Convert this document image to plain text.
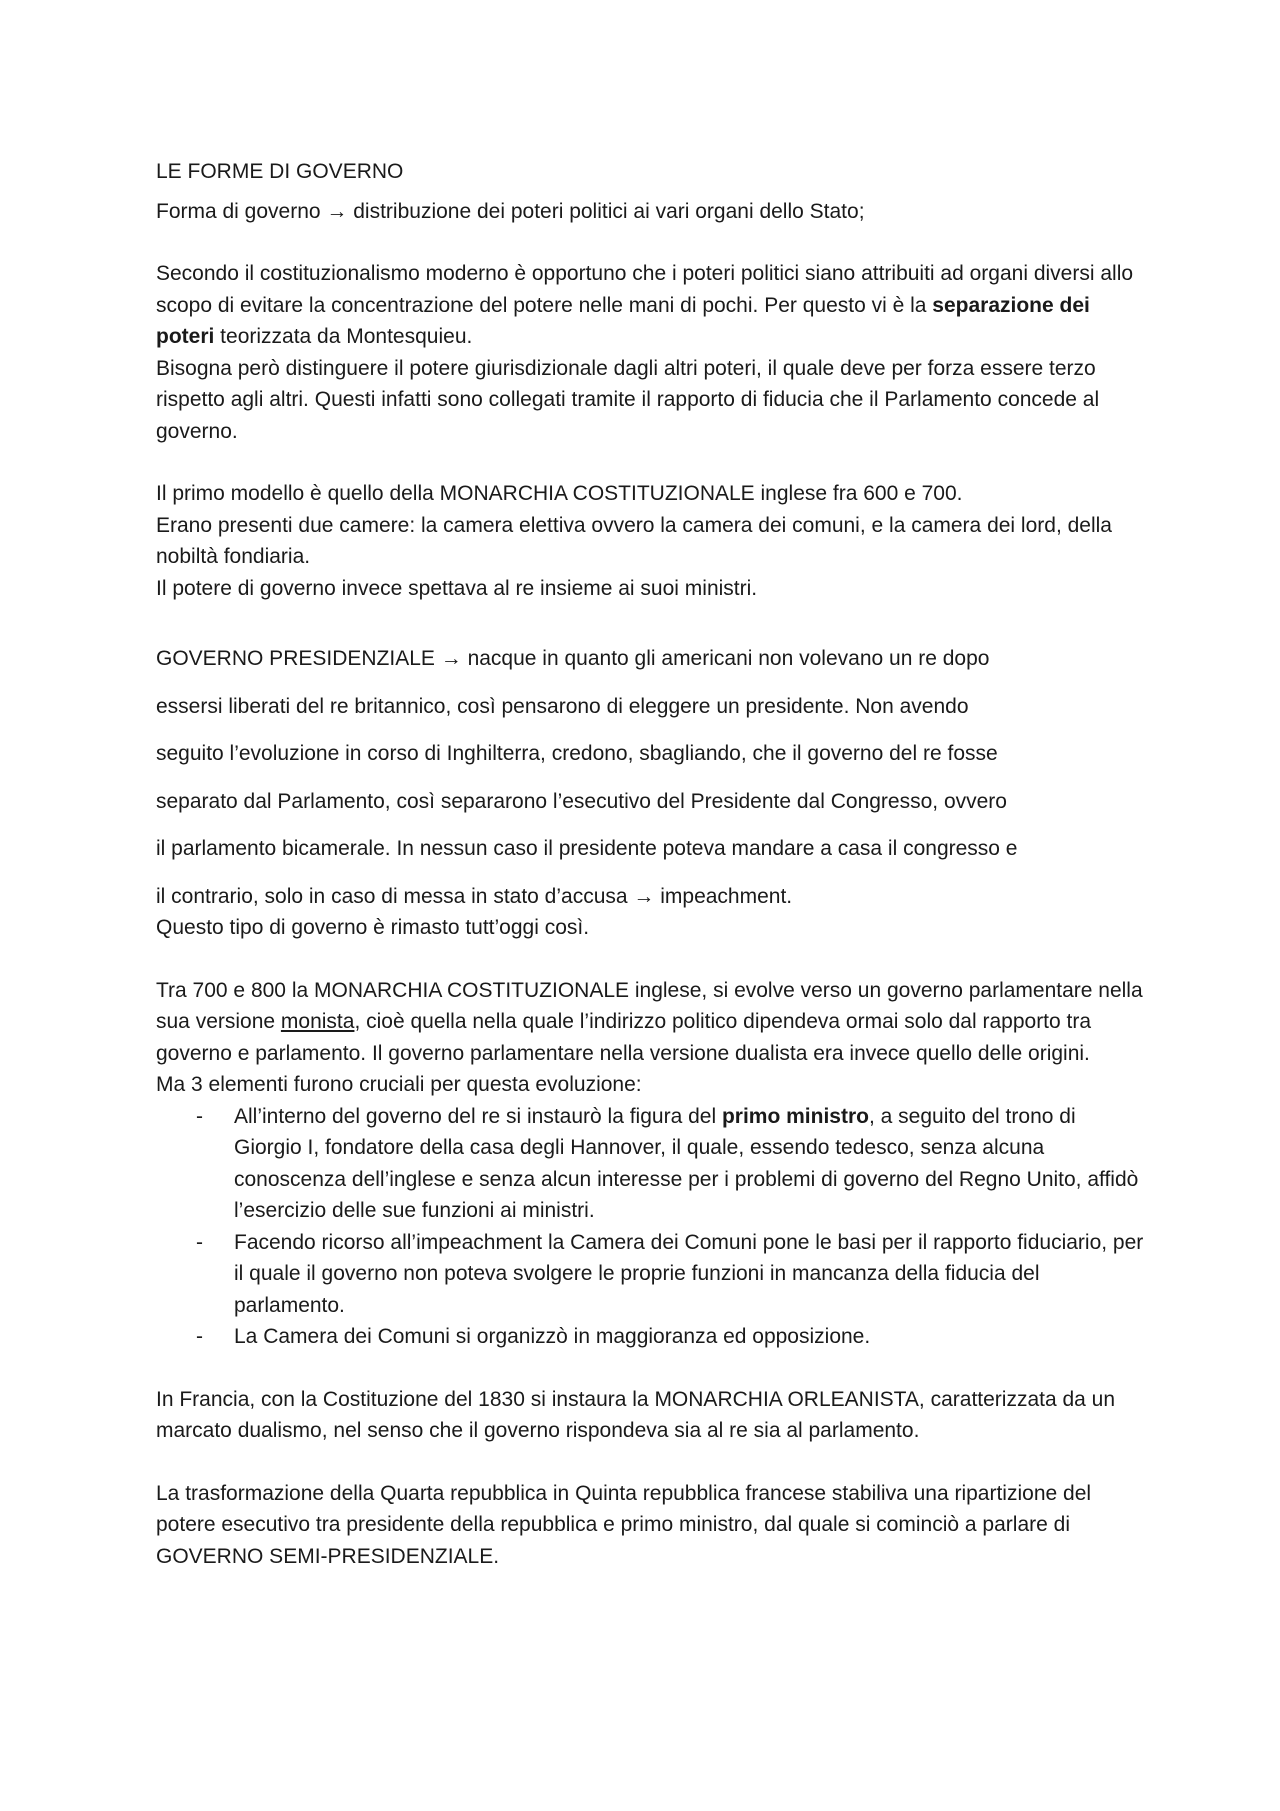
LE FORME DI GOVERNO

Forma di governo → distribuzione dei poteri politici ai vari organi dello Stato;

Secondo il costituzionalismo moderno è opportuno che i poteri politici siano attribuiti ad organi diversi allo scopo di evitare la concentrazione del potere nelle mani di pochi. Per questo vi è la separazione dei poteri teorizzata da Montesquieu.

Bisogna però distinguere il potere giurisdizionale dagli altri poteri, il quale deve per forza essere terzo rispetto agli altri. Questi infatti sono collegati tramite il rapporto di fiducia che il Parlamento concede al governo.

Il primo modello è quello della MONARCHIA COSTITUZIONALE inglese fra 600 e 700.

Erano presenti due camere: la camera elettiva ovvero la camera dei comuni, e la camera dei lord, della nobiltà fondiaria.

Il potere di governo invece spettava al re insieme ai suoi ministri.

GOVERNO PRESIDENZIALE → nacque in quanto gli americani non volevano un re dopo

essersi liberati del re britannico, così pensarono di eleggere un presidente. Non avendo

seguito l’evoluzione in corso di Inghilterra, credono, sbagliando, che il governo del re fosse

separato dal Parlamento, così separarono l’esecutivo del Presidente dal Congresso, ovvero

il parlamento bicamerale. In nessun caso il presidente poteva mandare a casa il congresso e

il contrario, solo in caso di messa in stato d’accusa → impeachment.

Questo tipo di governo è rimasto tutt’oggi così.

Tra 700 e 800 la MONARCHIA COSTITUZIONALE inglese, si evolve verso un governo parlamentare nella sua versione monista, cioè quella nella quale l’indirizzo politico dipendeva ormai solo dal rapporto tra governo e parlamento. Il governo parlamentare nella versione dualista era invece quello delle origini.

Ma 3 elementi furono cruciali per questa evoluzione:

- All’interno del governo del re si instaurò la figura del primo ministro, a seguito del trono di Giorgio I, fondatore della casa degli Hannover, il quale, essendo tedesco, senza alcuna conoscenza dell’inglese e senza alcun interesse per i problemi di governo del Regno Unito, affidò l’esercizio delle sue funzioni ai ministri.
- Facendo ricorso all’impeachment la Camera dei Comuni pone le basi per il rapporto fiduciario, per il quale il governo non poteva svolgere le proprie funzioni in mancanza della fiducia del parlamento.
- La Camera dei Comuni si organizzò in maggioranza ed opposizione.

In Francia, con la Costituzione del 1830 si instaura la MONARCHIA ORLEANISTA, caratterizzata da un marcato dualismo, nel senso che il governo rispondeva sia al re sia al parlamento.

La trasformazione della Quarta repubblica in Quinta repubblica francese stabiliva una ripartizione del potere esecutivo tra presidente della repubblica e primo ministro, dal quale si cominciò a parlare di GOVERNO SEMI-PRESIDENZIALE.
